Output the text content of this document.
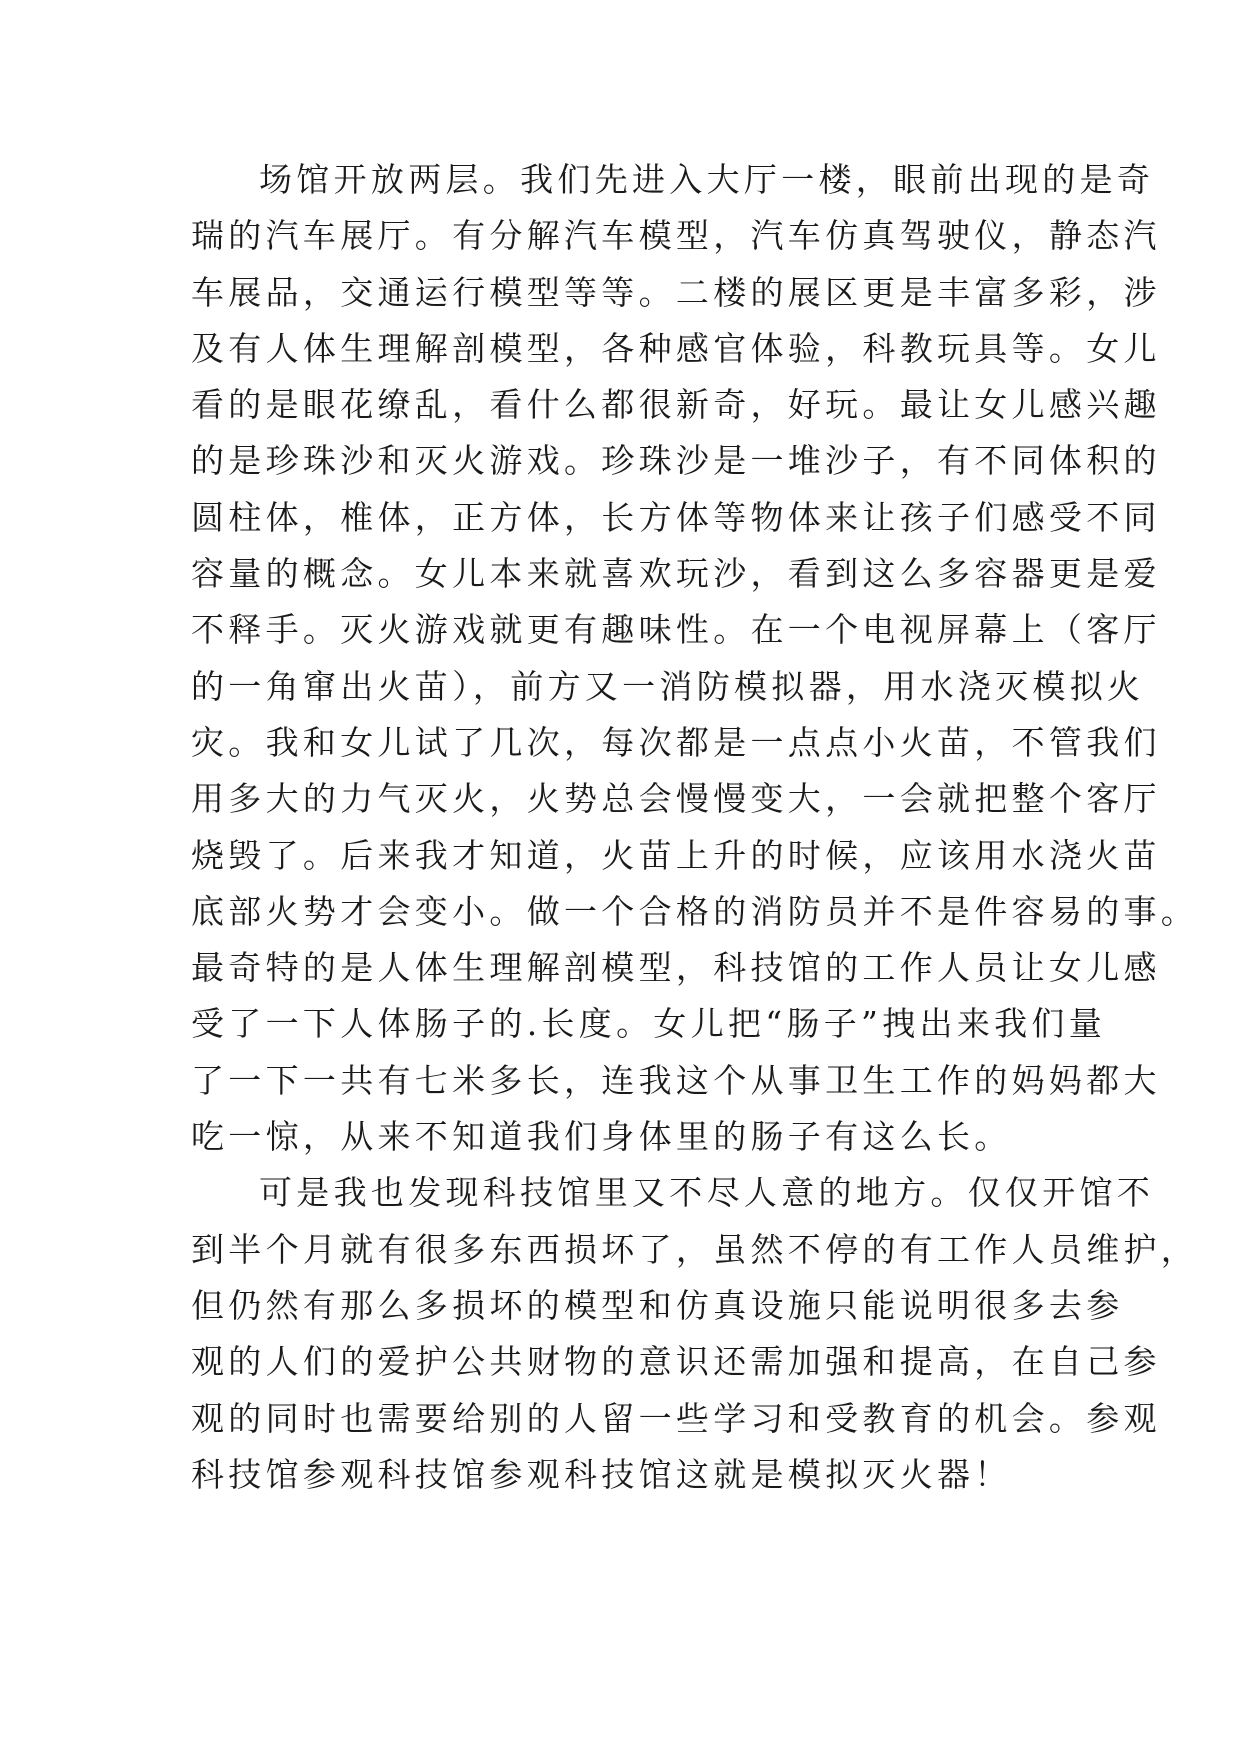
场馆开放两层。我们先进入大厅一楼，眼前出现的是奇
瑞的汽车展厅。有分解汽车模型，汽车仿真驾驶仪，静态汽
车展品，交通运行模型等等。二楼的展区更是丰富多彩，涉
及有人体生理解剖模型，各种感官体验，科教玩具等。女儿
看的是眼花缭乱，看什么都很新奇，好玩。最让女儿感兴趣
的是珍珠沙和灭火游戏。珍珠沙是一堆沙子，有不同体积的
圆柱体，椎体，正方体，长方体等物体来让孩子们感受不同
容量的概念。女儿本来就喜欢玩沙，看到这么多容器更是爱
不释手。灭火游戏就更有趣味性。在一个电视屏幕上（客厅
的一角窜出火苗），前方又一消防模拟器，用水浇灭模拟火
灾。我和女儿试了几次，每次都是一点点小火苗，不管我们
用多大的力气灭火，火势总会慢慢变大，一会就把整个客厅
烧毁了。后来我才知道，火苗上升的时候，应该用水浇火苗
底部火势才会变小。做一个合格的消防员并不是件容易的事。
最奇特的是人体生理解剖模型，科技馆的工作人员让女儿感
受了一下人体肠子的.长度。女儿把“肠子”拽出来我们量
了一下一共有七米多长，连我这个从事卫生工作的妈妈都大
吃一惊，从来不知道我们身体里的肠子有这么长。
可是我也发现科技馆里又不尽人意的地方。仅仅开馆不
到半个月就有很多东西损坏了，虽然不停的有工作人员维护，
但仍然有那么多损坏的模型和仿真设施只能说明很多去参
观的人们的爱护公共财物的意识还需加强和提高，在自己参
观的同时也需要给别的人留一些学习和受教育的机会。参观
科技馆参观科技馆参观科技馆这就是模拟灭火器！
